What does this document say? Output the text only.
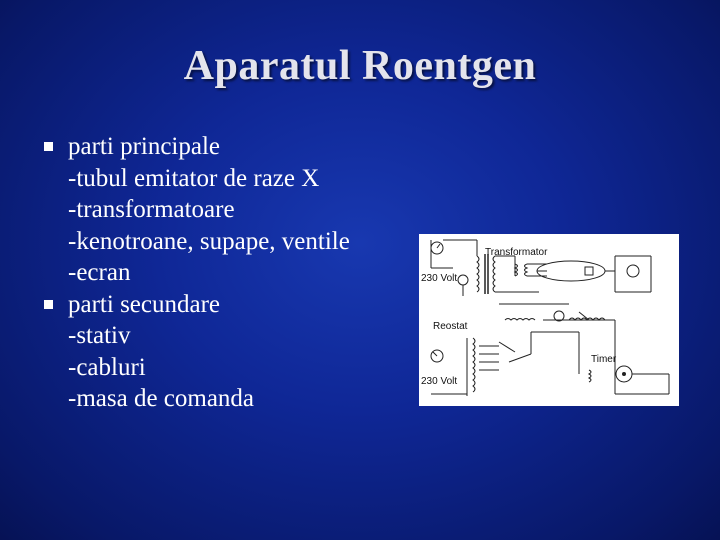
Aparatul Roentgen
parti principale
-tubul emitator de raze X
-transformatoare
-kenotroane, supape, ventile
-ecran
parti secundare
-stativ
-cabluri
-masa de comanda
Transformator
230 Volt
Reostat
Timer
230 Volt
